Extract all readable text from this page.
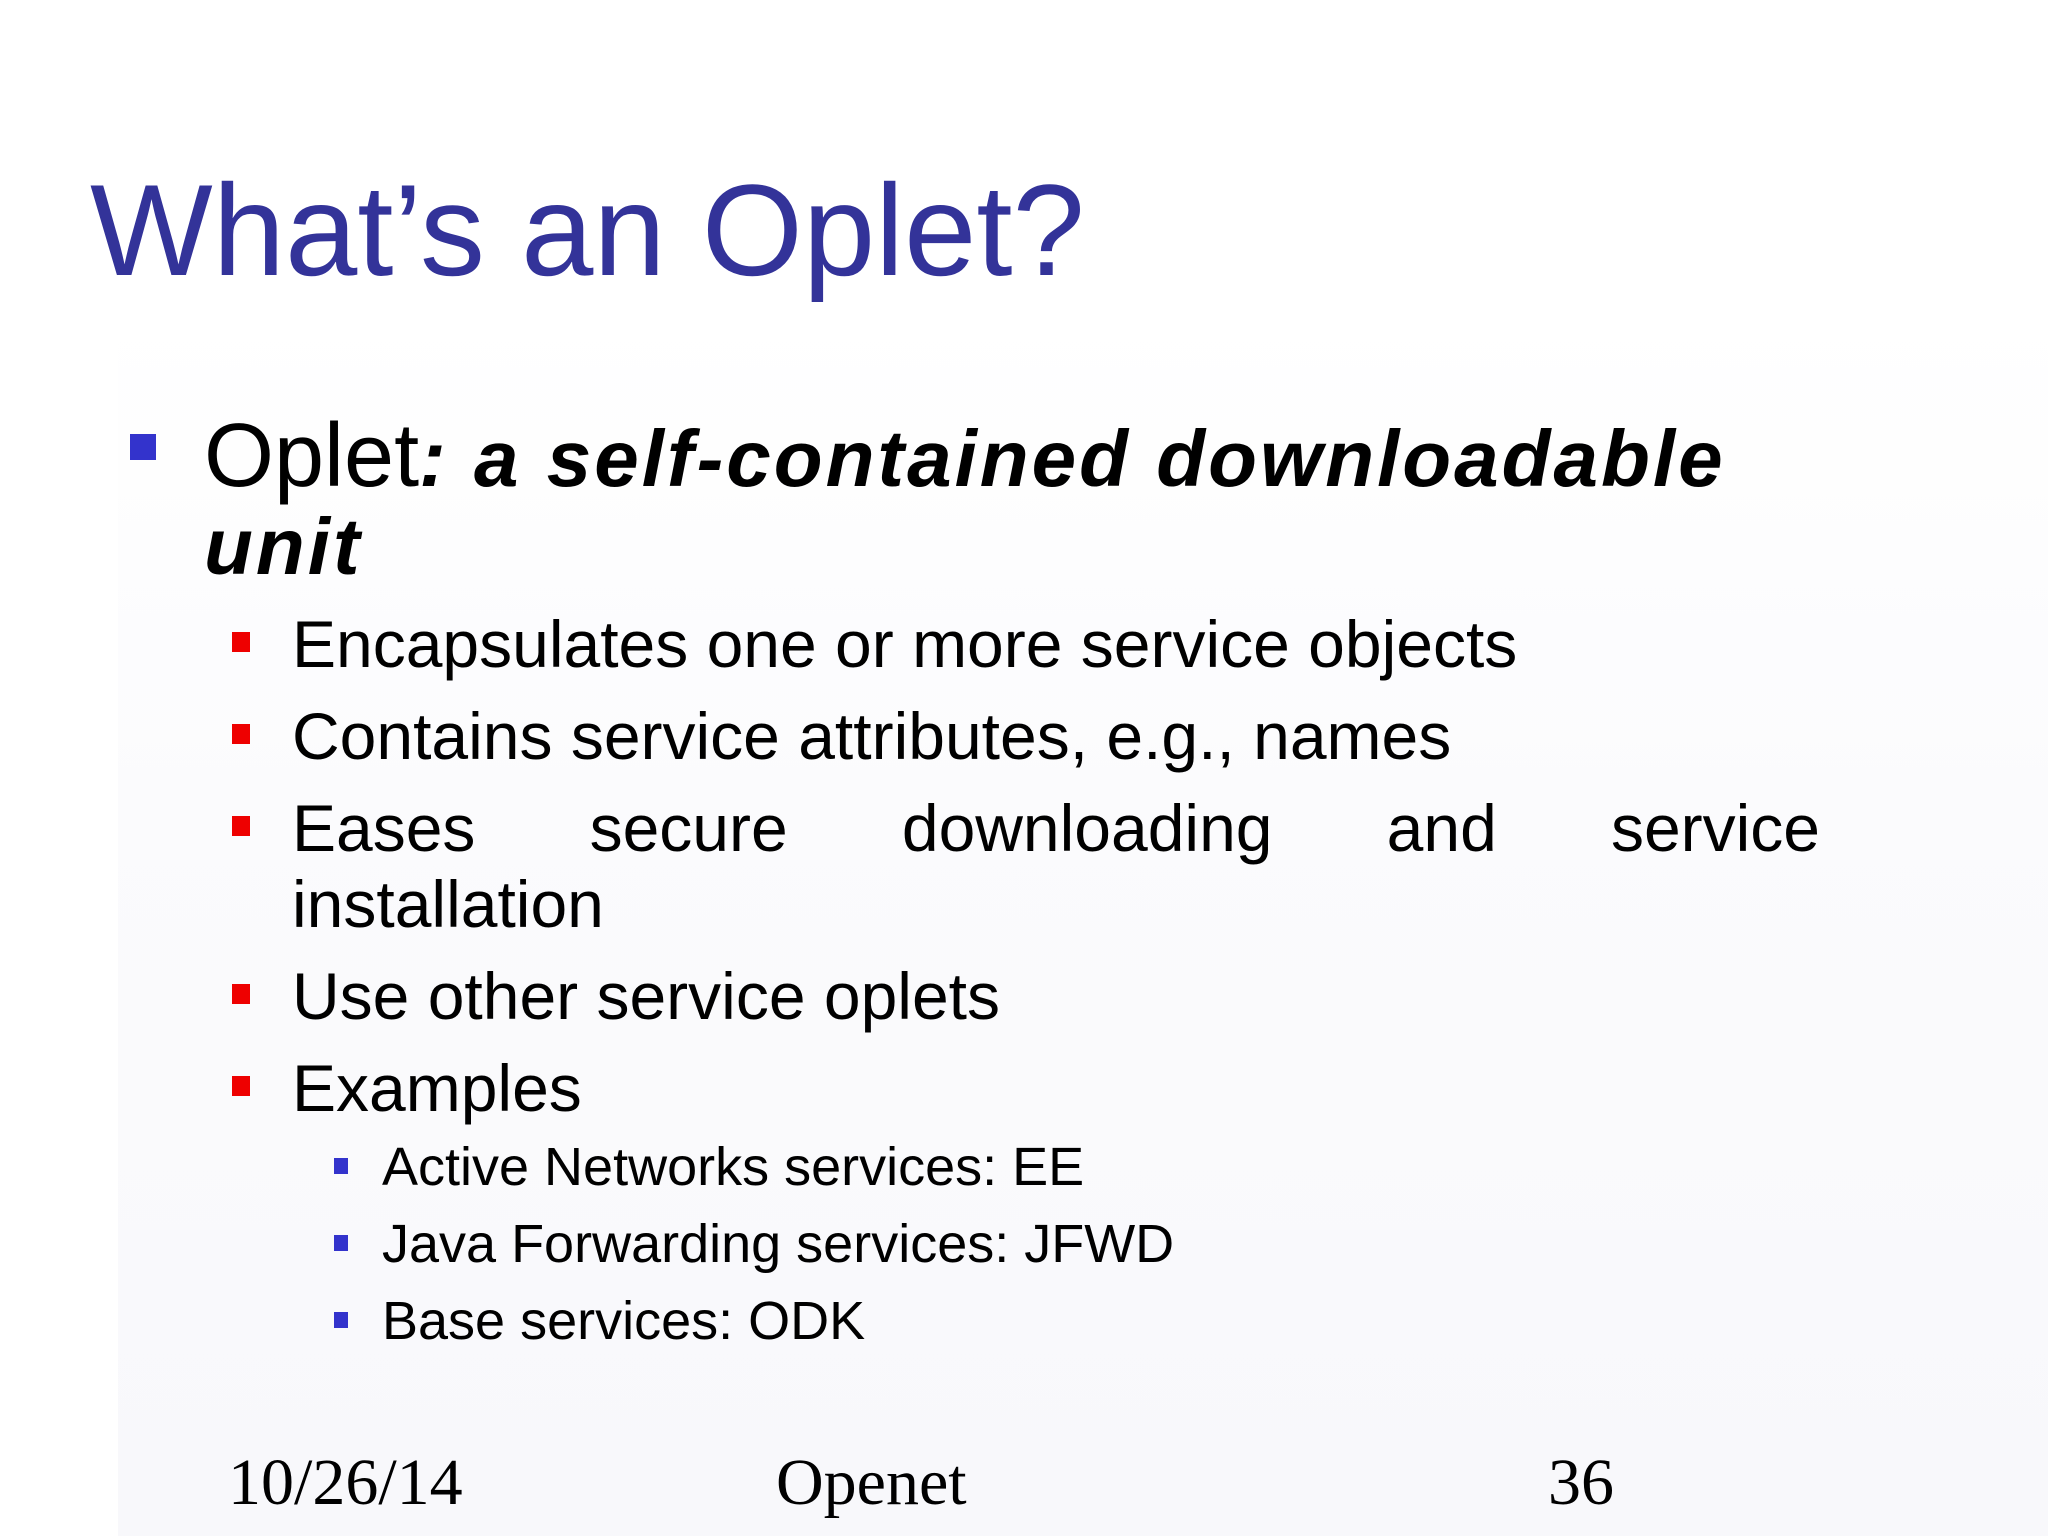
What’s an Oplet?
Oplet: a self-contained downloadable
unit
Encapsulates one or more service objects
Contains service attributes, e.g., names
Eases secure downloading and service
installation
Use other service oplets
Examples
Active Networks services: EE
Java Forwarding services: JFWD
Base services: ODK
10/26/14	Openet	36
